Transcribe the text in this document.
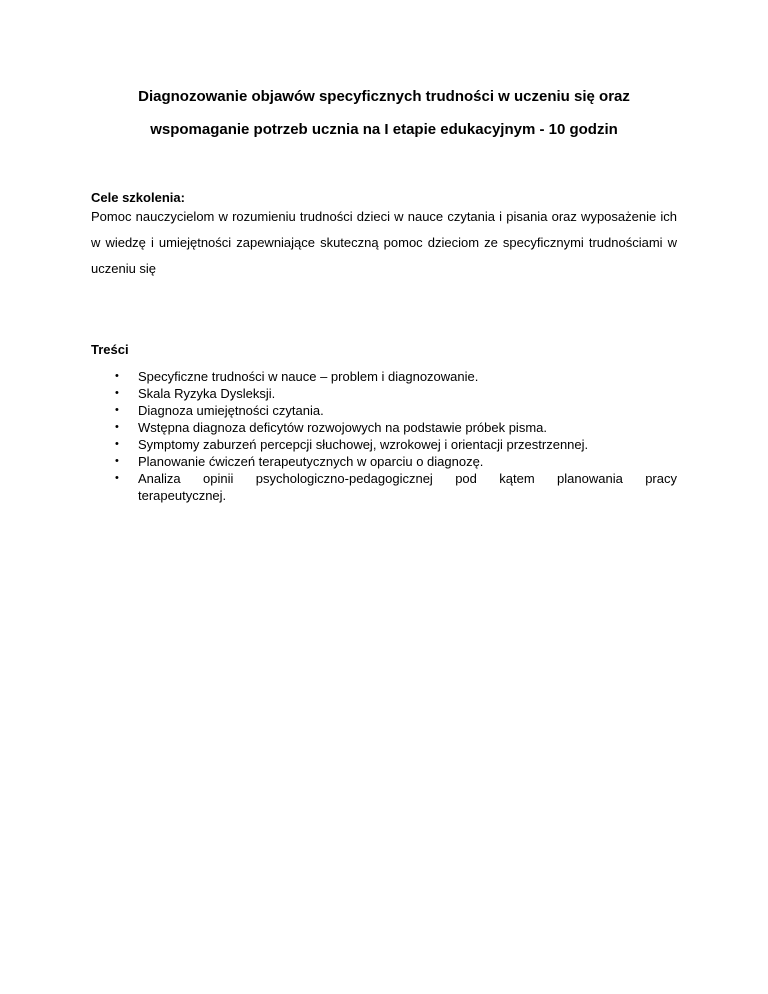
Diagnozowanie objawów specyficznych trudności w uczeniu się oraz
wspomaganie potrzeb ucznia na I etapie edukacyjnym - 10 godzin
Cele szkolenia:

Pomoc nauczycielom w rozumieniu trudności dzieci w nauce czytania i pisania oraz wyposażenie ich w wiedzę i umiejętności zapewniające skuteczną pomoc dzieciom ze specyficznymi trudnościami w uczeniu się

Treści
• Specyficzne trudności w nauce – problem i diagnozowanie.
• Skala Ryzyka Dysleksji.
• Diagnoza umiejętności czytania.
• Wstępna diagnoza deficytów rozwojowych na podstawie próbek pisma.
• Symptomy zaburzeń percepcji słuchowej, wzrokowej i orientacji przestrzennej.
• Planowanie ćwiczeń terapeutycznych w oparciu o diagnozę.
• Analiza opinii psychologiczno-pedagogicznej pod kątem planowania pracy
terapeutycznej.
